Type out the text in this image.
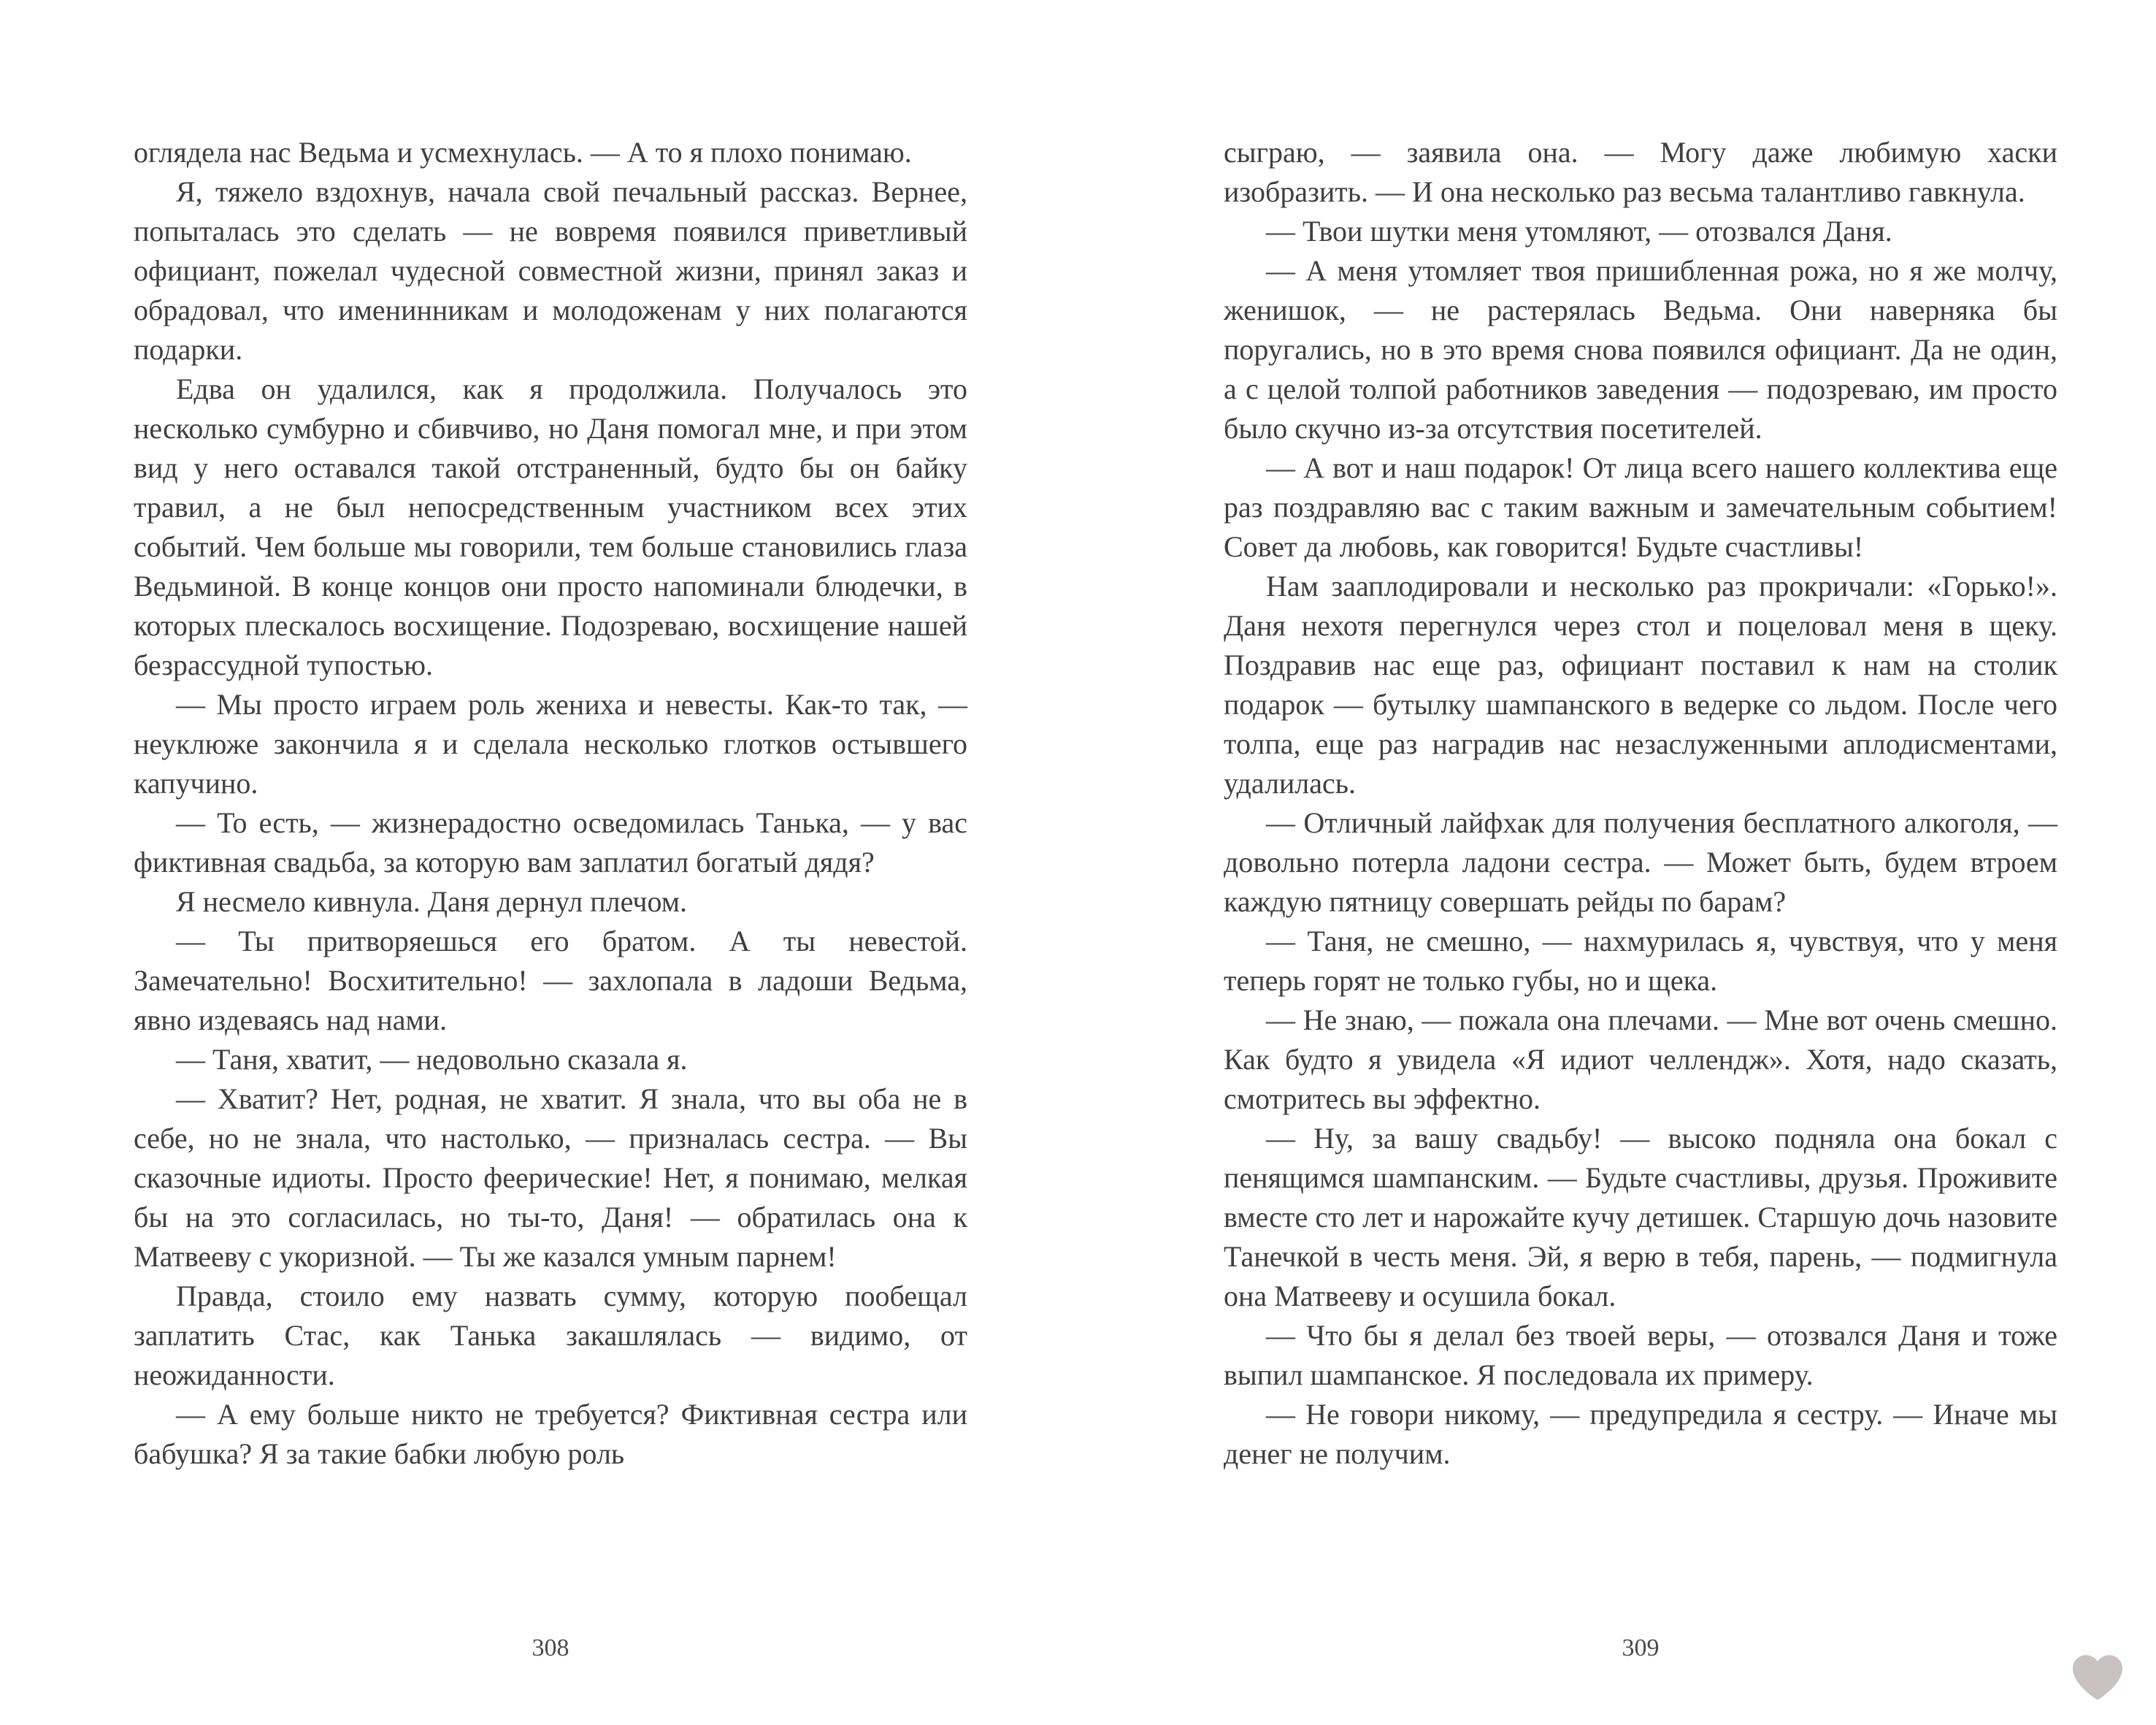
оглядела нас Ведьма и усмехнулась. — А то я плохо понимаю.

Я, тяжело вздохнув, начала свой печальный рассказ. Вернее, попыталась это сделать — не вовремя появился приветливый официант, пожелал чудесной совместной жизни, принял заказ и обрадовал, что именинникам и молодоженам у них полагаются подарки.

Едва он удалился, как я продолжила. Получалось это несколько сумбурно и сбивчиво, но Даня помогал мне, и при этом вид у него оставался такой отстраненный, будто бы он байку травил, а не был непосредственным участником всех этих событий. Чем больше мы говорили, тем больше становились глаза Ведьминой. В конце концов они просто напоминали блюдечки, в которых плескалось восхищение. Подозреваю, восхищение нашей безрассудной тупостью.

— Мы просто играем роль жениха и невесты. Как-то так, — неуклюже закончила я и сделала несколько глотков остывшего капучино.

— То есть, — жизнерадостно осведомилась Танька, — у вас фиктивная свадьба, за которую вам заплатил богатый дядя?

Я несмело кивнула. Даня дернул плечом.

— Ты притворяешься его братом. А ты невестой. Замечательно! Восхитительно! — захлопала в ладоши Ведьма, явно издеваясь над нами.

— Таня, хватит, — недовольно сказала я.

— Хватит? Нет, родная, не хватит. Я знала, что вы оба не в себе, но не знала, что настолько, — призналась сестра. — Вы сказочные идиоты. Просто феерические! Нет, я понимаю, мелкая бы на это согласилась, но ты-то, Даня! — обратилась она к Матвееву с укоризной. — Ты же казался умным парнем!

Правда, стоило ему назвать сумму, которую пообещал заплатить Стас, как Танька закашлялась — видимо, от неожиданности.

— А ему больше никто не требуется? Фиктивная сестра или бабушка? Я за такие бабки любую роль

308

сыграю, — заявила она. — Могу даже любимую хаски изобразить. — И она несколько раз весьма талантливо гавкнула.

— Твои шутки меня утомляют, — отозвался Даня.

— А меня утомляет твоя пришибленная рожа, но я же молчу, женишок, — не растерялась Ведьма. Они наверняка бы поругались, но в это время снова появился официант. Да не один, а с целой толпой работников заведения — подозреваю, им просто было скучно из-за отсутствия посетителей.

— А вот и наш подарок! От лица всего нашего коллектива еще раз поздравляю вас с таким важным и замечательным событием! Совет да любовь, как говорится! Будьте счастливы!

Нам зааплодировали и несколько раз прокричали: «Горько!». Даня нехотя перегнулся через стол и поцеловал меня в щеку. Поздравив нас еще раз, официант поставил к нам на столик подарок — бутылку шампанского в ведерке со льдом. После чего толпа, еще раз наградив нас незаслуженными аплодисментами, удалилась.

— Отличный лайфхак для получения бесплатного алкоголя, — довольно потерла ладони сестра. — Может быть, будем втроем каждую пятницу совершать рейды по барам?

— Таня, не смешно, — нахмурилась я, чувствуя, что у меня теперь горят не только губы, но и щека.

— Не знаю, — пожала она плечами. — Мне вот очень смешно. Как будто я увидела «Я идиот челлендж». Хотя, надо сказать, смотритесь вы эффектно.

— Ну, за вашу свадьбу! — высоко подняла она бокал с пенящимся шампанским. — Будьте счастливы, друзья. Проживите вместе сто лет и нарожайте кучу детишек. Старшую дочь назовите Танечкой в честь меня. Эй, я верю в тебя, парень, — подмигнула она Матвееву и осушила бокал.

— Что бы я делал без твоей веры, — отозвался Даня и тоже выпил шампанское. Я последовала их примеру.

— Не говори никому, — предупредила я сестру. — Иначе мы денег не получим.

309
